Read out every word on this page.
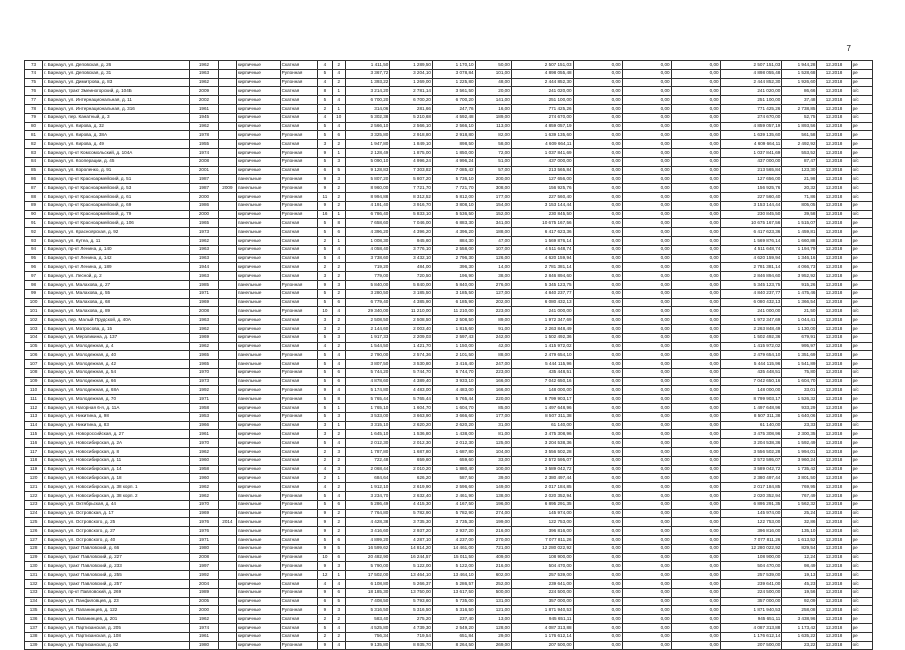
7
73	г. Барнаул, ул. Деповская, д. 26	1962		кирпичные	Скатная	4	2	1 411,50	1 289,50	1 170,10	50,00	2 507 151,03	0,00	0,00	0,00	2 507 151,03	1 944,28	12.2018	ре
74	г. Барнаул, ул. Деповская, д. 31	1963		кирпичные	Рулонная	5	4	3 367,72	3 204,10	3 078,84	101,00	4 898 055,48	0,00	0,00	0,00	4 898 055,48	1 528,68	12.2018	ре
75	г. Барнаул, ул. Димитрова, д. 83	1962		кирпичные	Рулонная	4	2	1 393,22	1 269,00	1 225,80	48,00	2 444 852,30	0,00	0,00	0,00	2 444 852,30	1 926,60	12.2018	ре
76	г. Барнаул, тракт Змеиногорский, д. 104Б	2009		кирпичные	Скатная	8	1	3 214,20	2 781,14	3 561,50	20,00	241 020,00	0,00	0,00	0,00	241 020,00	86,66	12.2018	о/с
77	г. Барнаул, ул. Интернациональная, д. 11	2002		кирпичные	Скатная	5	4	6 700,20	6 700,20	6 700,20	141,00	251 100,00	0,00	0,00	0,00	251 100,00	37,48	12.2018	о/с
78	г. Барнаул, ул. Интернациональная, д. 316	1961		кирпичные	Скатная	2	1	314,06	281,66	247,76	16,00	771 425,26	0,00	0,00	0,00	771 425,26	2 738,85	12.2018	ре
79	г. Барнаул, пер. Канатный, д. 3	1945		кирпичные	Скатная	4	10	5 302,38	5 210,68	4 592,48	189,00	274 670,00	0,00	0,00	0,00	274 670,00	52,75	12.2018	о/с
80	г. Барнаул, ул. Кирова, д. 32	1962		кирпичные	Скатная	5	4	2 566,10	2 566,10	2 566,10	113,00	4 859 057,19	0,00	0,00	0,00	4 859 057,19	1 893,56	12.2018	ре
81	г. Барнаул, ул. Кирова, д. 38А	1978		кирпичные	Рулонная	5	6	3 325,80	2 918,80	2 918,80	82,00	1 639 135,60	0,00	0,00	0,00	1 639 135,60	561,58	12.2018	ре
82	г. Барнаул, ул. Кирова, д. 49	1955		кирпичные	Скатная	3	2	1 947,80	1 849,10	898,50	58,00	4 609 664,11	0,00	0,00	0,00	4 609 664,11	2 492,92	12.2018	ре
83	г. Барнаул, пр-кт Комсомольский, д. 104А	1974		кирпичные	Рулонная	9	1	2 128,49	1 875,00	1 850,00	72,00	1 037 841,69	0,00	0,00	0,00	1 037 841,69	553,52	12.2018	ре
84	г. Барнаул, ул. Кооперации, д. 45	2008		кирпичные	Рулонная	5	3	5 090,10	4 996,24	4 996,24	51,00	437 000,00	0,00	0,00	0,00	437 000,00	87,47	12.2018	о/с
85	г. Барнаул, ул. Короленко, д. 91	2001		кирпичные	Скатная	6	5	9 128,83	7 303,82	7 085,42	57,00	213 565,84	0,00	0,00	0,00	213 565,84	123,30	12.2018	о/с
86	г. Барнаул, пр-кт Красноармейский, д. 51	1987		панельные	Рулонная	9	3	5 807,20	5 807,20	5 736,10	200,00	127 656,00	0,00	0,00	0,00	127 656,00	21,98	12.2018	о/с
87	г. Барнаул, пр-кт Красноармейский, д. 53	1987	2009	панельные	Рулонная	9	2	8 960,00	7 721,70	7 721,70	308,00	156 925,76	0,00	0,00	0,00	156 925,76	20,32	12.2018	о/с
88	г. Барнаул, пр-кт Красноармейский, д. 61	2000		кирпичные	Рулонная	11	2	8 994,88	8 312,52	5 812,00	177,00	227 560,40	0,00	0,00	0,00	227 560,40	71,86	12.2018	о/с
89	г. Барнаул, пр-кт Красноармейский, д. 69	1986		панельные	Рулонная	9	2	4 191,40	3 916,70	3 808,10	154,00	3 153 144,44	0,00	0,00	0,00	3 153 144,44	805,05	12.2018	ре
90	г. Барнаул, пр-кт Красноармейский, д. 79	2000		кирпичные	Рулонная	16	1	6 786,40	5 833,10	5 536,50	152,00	230 845,50	0,00	0,00	0,00	230 845,50	39,58	12.2018	о/с
91	г. Барнаул, пр-кт Красноармейский, д. 106	1965		панельные	Скатная	5	8	7 658,60	7 046,00	6 883,30	341,00	10 675 167,56	0,00	0,00	0,00	10 675 167,56	1 515,07	12.2018	ре
92	г. Барнаул, ул. Красноярская, д. 92	1973		панельные	Скатная	5	6	4 396,20	4 396,20	4 396,20	188,00	6 417 623,36	0,00	0,00	0,00	6 417 623,36	1 459,81	12.2018	ре
93	г. Барнаул, ул. Кутеа, д. 11	1962		кирпичные	Скатная	2	1	1 008,30	945,60	884,30	47,00	1 569 876,14	0,00	0,00	0,00	1 569 876,14	1 660,88	12.2018	ре
94	г. Барнаул, пр-кт Ленина, д. 140	1963		кирпичные	Скатная	5	4	4 058,40	3 776,10	2 558,00	107,00	4 511 648,74	0,00	0,00	0,00	4 511 648,74	1 194,79	12.2018	ре
95	г. Барнаул, пр-кт Ленина, д. 142	1963		кирпичные	Скатная	5	4	3 738,60	3 432,10	2 796,30	126,00	4 620 159,94	0,00	0,00	0,00	4 620 159,94	1 346,16	12.2018	ре
96	г. Барнаул, пр-кт Ленина, д. 189	1944		кирпичные	Скатная	2	2	719,20	484,00	396,30	14,00	2 781 381,14	0,00	0,00	0,00	2 781 381,14	4 066,73	12.2018	ре
97	г. Барнаул, ул. Лесной, д. 2	1963		кирпичные	Скатная	3	2	779,00	720,50	196,90	38,00	2 846 894,60	0,00	0,00	0,00	2 846 894,60	3 952,92	12.2018	ре
98	г. Барнаул, ул. Малахова, д. 27	1985		панельные	Рулонная	9	3	5 840,00	5 840,00	5 840,00	276,00	5 345 123,75	0,00	0,00	0,00	5 345 123,75	915,26	12.2018	ре
99	г. Барнаул, ул. Малахова, д. 55	1971		панельные	Скатная	5	2	3 280,50	3 185,50	3 185,50	127,00	4 840 237,77	0,00	0,00	0,00	4 840 237,77	1 475,46	12.2018	ре
100	г. Барнаул, ул. Малахова, д. 68	1969		панельные	Скатная	5	6	6 779,40	4 385,90	6 185,90	202,00	6 080 432,13	0,00	0,00	0,00	6 080 432,13	1 366,54	12.2018	ре
101	г. Барнаул, ул. Малахова, д. 89	2008		панельные	Рулонная	10	4	29 340,00	11 210,00	11 210,00	223,00	241 000,00	0,00	0,00	0,00	241 000,00	21,50	12.2018	о/с
102	г. Барнаул, пер. Малый Прудской, д. 40А	1963		кирпичные	Скатная	3	2	2 508,50	2 508,50	2 508,50	89,00	1 972 347,69	0,00	0,00	0,00	1 972 347,69	1 044,41	12.2018	ре
103	г. Барнаул, ул. Матросова, д. 15	1962		кирпичные	Скатная	3	2	2 144,60	2 003,40	1 815,60	91,00	2 263 848,49	0,00	0,00	0,00	2 263 848,49	1 130,00	12.2018	ре
104	г. Барнаул, ул. Мерзликина, д. 137	1969		кирпичные	Скатная	5	3	1 917,33	2 209,03	2 597,43	242,00	1 502 492,36	0,00	0,00	0,00	1 502 492,36	679,91	12.2018	ре
105	г. Барнаул, ул. Молодежная, д. 4	1962		кирпичные	Скатная	4	2	1 544,50	1 421,70	1 150,00	42,00	1 415 972,02	0,00	0,00	0,00	1 415 972,02	995,97	12.2018	ре
106	г. Барнаул, ул. Молодежная, д. 40	1965		панельные	Рулонная	5	4	2 790,00	2 574,36	2 101,50	88,00	2 479 654,10	0,00	0,00	0,00	2 479 654,10	1 351,69	12.2018	ре
107	г. Барнаул, ул. Молодежная, д. 42	1965		панельные	Скатная	5	4	3 807,50	3 530,80	3 416,40	247,00	5 444 115,96	0,00	0,00	0,00	5 444 115,96	1 541,89	12.2018	ре
108	г. Барнаул, ул. Молодежная, д. 54	1970		кирпичные	Рулонная	5	6	5 744,20	5 744,70	5 744,70	223,00	435 448,51	0,00	0,00	0,00	435 448,51	75,80	12.2018	о/с
109	г. Барнаул, ул. Молодежная, д. 66	1973		панельные	Скатная	5	6	4 878,60	4 389,40	3 933,10	166,00	7 042 650,16	0,00	0,00	0,00	7 042 650,16	1 604,70	12.2018	ре
110	г. Барнаул, ул. Молодежная, д. 68А	1992		кирпичные	Рулонная	9	4	5 174,80	4 483,00	4 483,00	166,00	148 000,00	0,00	0,00	0,00	148 000,00	33,01	12.2018	о/с
111	г. Барнаул, ул. Молодежная, д. 70	1971		панельные	Рулонная	5	8	5 765,44	5 765,44	5 765,44	220,00	8 799 903,17	0,00	0,00	0,00	8 799 903,17	1 526,32	12.2018	ре
112	г. Барнаул, ул. Нагорная 6-я, д. 11А	1958		кирпичные	Скатная	5	1	1 765,10	1 604,70	1 604,70	85,00	1 497 648,96	0,00	0,00	0,00	1 497 648,96	933,29	12.2018	ре
113	г. Барнаул, ул. Никитина, д. 98	1953		кирпичные	Рулонная	5	3	3 533,00	3 663,90	3 666,60	177,00	8 507 311,38	0,00	0,00	0,00	8 507 311,38	1 640,06	12.2018	ре
114	г. Барнаул, ул. Никитина, д. 83	1966		кирпичные	Скатная	3	1	3 315,10	2 620,20	2 620,20	31,00	61 140,00	0,00	0,00	0,00	61 140,00	23,33	12.2018	о/с
115	г. Барнаул, ул. Новороссийская, д. 27	1961		кирпичные	Скатная	3	2	1 645,10	1 536,80	1 438,00	81,00	3 475 308,96	0,00	0,00	0,00	3 475 308,96	2 300,35	12.2018	ре
116	г. Барнаул, ул. Новосибирская, д. 2А	1970		кирпичные	Скатная	5	4	2 012,30	2 012,30	2 012,30	125,00	3 204 538,36	0,00	0,00	0,00	3 204 538,36	1 592,49	12.2018	ре
117	г. Барнаул, ул. Новосибирская, д. 8	1962		кирпичные	Скатная	2	3	1 787,80	1 687,80	1 687,80	104,00	3 556 502,28	0,00	0,00	0,00	3 556 502,28	1 994,01	12.2018	ре
118	г. Барнаул, ул. Новосибирская, д. 11	1960		кирпичные	Скатная	2	2	722,48	659,60	659,60	33,00	2 572 595,07	0,00	0,00	0,00	2 572 595,07	3 960,24	12.2018	ре
119	г. Барнаул, ул. Новосибирская, д. 14	1958		кирпичные	Скатная	4	3	2 068,44	2 010,20	1 880,40	100,00	3 589 042,72	0,00	0,00	0,00	3 589 042,72	1 735,42	12.2018	ре
120	г. Барнаул, ул. Новосибирская, д. 18	1960		кирпичные	Скатная	2	1	684,64	626,20	587,50	39,00	2 380 497,44	0,00	0,00	0,00	2 380 497,44	3 801,50	12.2018	ре
121	г. Барнаул, ул. Новосибирская, д. 38 корп. 1	1962		кирпичные	Скатная	4	2	1 912,10	2 619,90	2 596,60	149,00	2 017 184,85	0,00	0,00	0,00	2 017 184,85	769,95	12.2018	ре
122	г. Барнаул, ул. Новосибирская, д. 38 корп. 2	1962		панельные	Рулонная	5	4	3 234,70	2 632,40	2 461,90	138,00	2 020 352,94	0,00	0,00	0,00	2 020 352,94	767,49	12.2018	ре
123	г. Барнаул, ул. Октябрьская, д. 44	1970		панельные	Рулонная	5	6	5 286,49	4 415,30	4 167,50	196,00	6 895 291,35	0,00	0,00	0,00	6 895 291,35	1 562,32	12.2018	ре
124	г. Барнаул, ул. Островская, д. 17	1969		панельные	Рулонная	9	2	7 764,80	5 782,90	5 782,90	274,00	145 974,00	0,00	0,00	0,00	145 974,00	25,24	12.2018	о/с
125	г. Барнаул, ул. Островского, д. 25	1976	2014	панельные	Рулонная	9	2	4 428,38	3 735,30	3 735,30	199,00	122 753,00	0,00	0,00	0,00	122 753,00	32,86	12.2018	о/с
126	г. Барнаул, ул. Островского, д. 27	1976		панельные	Рулонная	9	2	3 416,60	2 937,20	2 937,20	216,00	396 816,00	0,00	0,00	0,00	396 816,00	135,10	12.2018	о/с
127	г. Барнаул, ул. Островского, д. 40	1971		панельные	Скатная	5	6	4 899,20	4 287,10	4 237,00	270,00	7 077 811,26	0,00	0,00	0,00	7 077 811,26	1 613,52	12.2018	ре
128	г. Барнаул, тракт Павловский, д. 66	1980		панельные	Рулонная	9	5	16 599,62	14 814,20	14 461,00	721,00	12 280 022,92	0,00	0,00	0,00	12 280 022,92	829,54	12.2018	ре
129	г. Барнаул, тракт Павловский, д. 227	2008		панельные	Рулонная	10	6	20 482,90	16 244,57	15 011,50	409,00	108 900,00	0,00	0,00	0,00	108 900,00	12,24	12.2018	о/с
130	г. Барнаул, тракт Павловский, д. 233	1997		панельные	Рулонная	9	3	5 790,00	5 122,00	5 122,00	216,00	504 470,00	0,00	0,00	0,00	504 470,00	98,49	12.2018	о/с
131	г. Барнаул, тракт Павловский, д. 255	1992		панельные	Рулонная	12	1	17 502,00	13 464,10	13 464,10	602,00	257 539,00	0,00	0,00	0,00	257 539,00	19,13	12.2018	о/с
132	г. Барнаул, тракт Павловский, д. 257	2004		кирпичные	Скатная	4	4	6 108,80	5 266,37	5 286,57	252,00	239 641,00	0,00	0,00	0,00	239 641,00	45,23	12.2018	о/с
133	г. Барнаул, пр-кт Павловский, д. 269	1989		панельные	Рулонная	9	6	18 185,30	13 750,00	13 617,50	500,00	224 500,00	0,00	0,00	0,00	224 500,00	19,56	12.2018	о/с
134	г. Барнаул, ул. Панфиловцев, д. 23	2005		кирпичные	Скатная	6	5	7 408,50	5 793,60	5 735,00	131,00	357 000,00	0,00	0,00	0,00	357 000,00	92,09	12.2018	о/с
135	г. Барнаул, ул. Папанинцев, д. 122	2000		кирпичные	Рулонная	9	3	5 316,50	5 316,50	5 316,50	121,00	1 871 940,53	0,00	0,00	0,00	1 871 940,53	258,08	12.2018	о/с
136	г. Барнаул, ул. Папанинцев, д. 201	1962		кирпичные	Скатная	2	2	583,40	275,20	237,40	13,00	945 651,11	0,00	0,00	0,00	945 651,11	3 438,96	12.2018	ре
137	г. Барнаул, ул. Партизанская, д. 205	1974		кирпичные	Скатная	5	4	4 525,80	4 739,30	2 549,20	128,00	4 087 313,88	0,00	0,00	0,00	4 087 313,88	1 173,42	12.2018	ре
138	г. Барнаул, ул. Партизанская, д. 108	1961		кирпичные	Скатная	2	2	756,34	719,54	651,84	29,00	1 176 612,14	0,00	0,00	0,00	1 176 612,14	1 635,22	12.2018	ре
139	г. Барнаул, ул. Партизанская, д. 82	1980		кирпичные	Рулонная	9	4	9 135,80	8 935,70	8 264,50	269,00	207 500,00	0,00	0,00	0,00	207 500,00	23,22	12.2018	о/с
